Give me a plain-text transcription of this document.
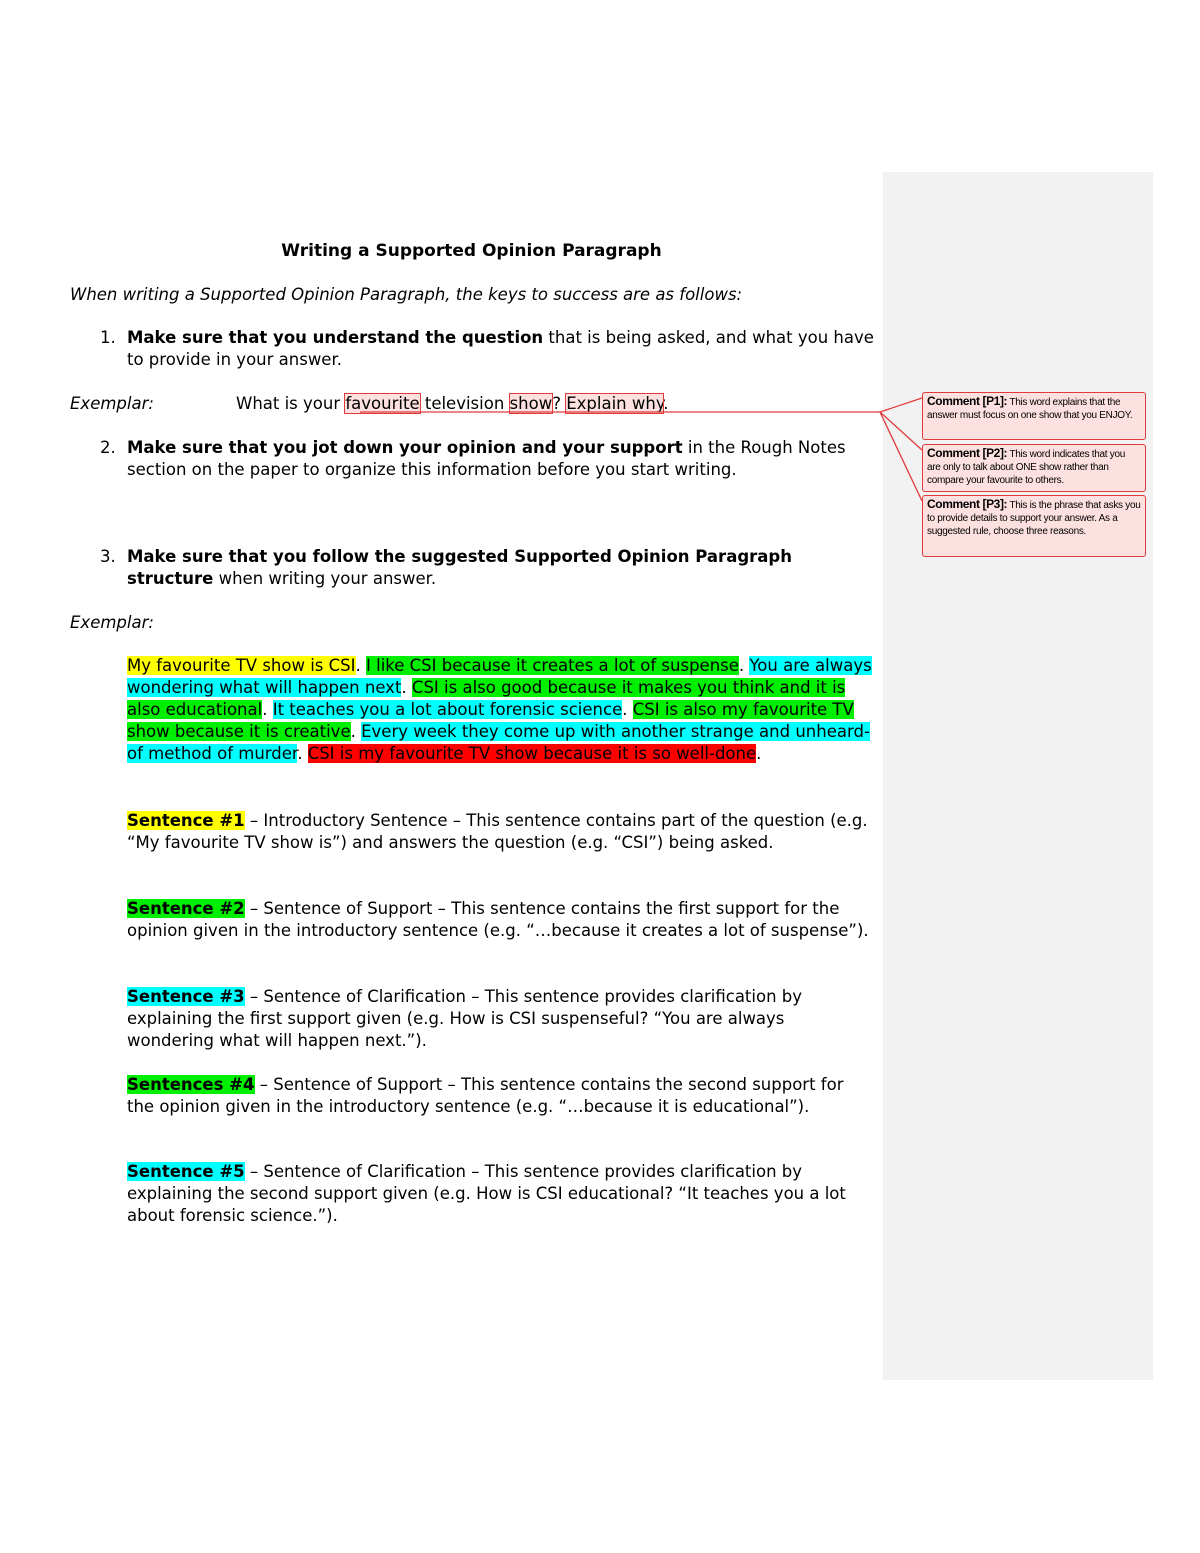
Writing a Supported Opinion Paragraph
When writing a Supported Opinion Paragraph, the keys to success are as follows:
1. Make sure that you understand the question that is being asked, and what you have to provide in your answer.
Exemplar:	What is your favourite television show? Explain why.
2. Make sure that you jot down your opinion and your support in the Rough Notes section on the paper to organize this information before you start writing.
3. Make sure that you follow the suggested Supported Opinion Paragraph structure when writing your answer.
Exemplar:
My favourite TV show is CSI. I like CSI because it creates a lot of suspense. You are always wondering what will happen next. CSI is also good because it makes you think and it is also educational. It teaches you a lot about forensic science. CSI is also my favourite TV show because it is creative. Every week they come up with another strange and unheard-of method of murder. CSI is my favourite TV show because it is so well-done.
Sentence #1 – Introductory Sentence – This sentence contains part of the question (e.g. “My favourite TV show is”) and answers the question (e.g. “CSI”) being asked.
Sentence #2 – Sentence of Support – This sentence contains the first support for the opinion given in the introductory sentence (e.g. “…because it creates a lot of suspense”).
Sentence #3 – Sentence of Clarification – This sentence provides clarification by explaining the first support given (e.g. How is CSI suspenseful? “You are always wondering what will happen next.”).
Sentences #4 – Sentence of Support – This sentence contains the second support for the opinion given in the introductory sentence (e.g. “…because it is educational”).
Sentence #5 – Sentence of Clarification – This sentence provides clarification by explaining the second support given (e.g. How is CSI educational? “It teaches you a lot about forensic science.”).
Comment [P1]: This word explains that the answer must focus on one show that you ENJOY.
Comment [P2]: This word indicates that you are only to talk about ONE show rather than compare your favourite to others.
Comment [P3]: This is the phrase that asks you to provide details to support your answer. As a suggested rule, choose three reasons.
